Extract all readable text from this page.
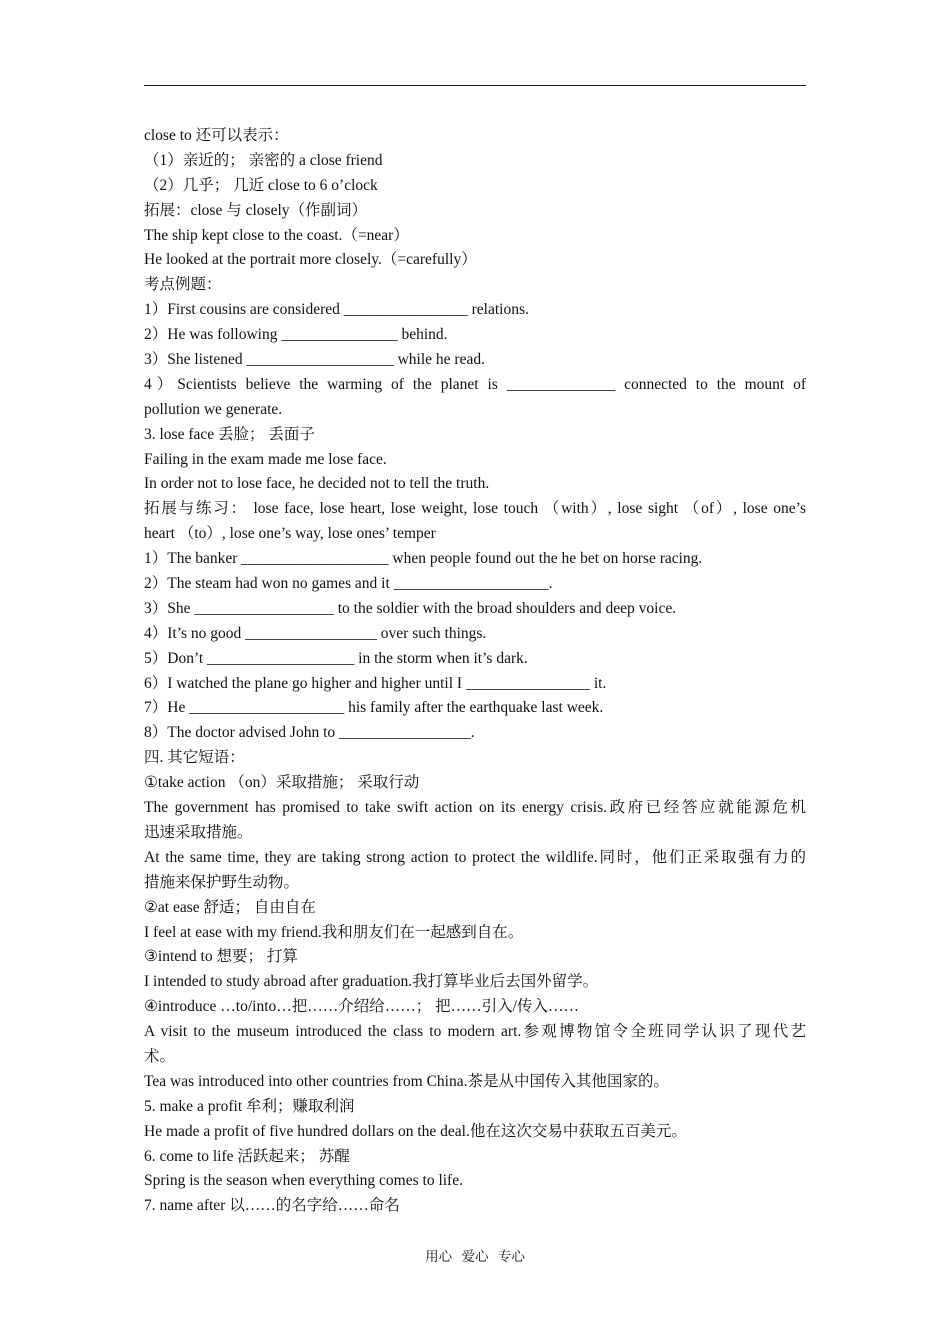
close to 还可以表示：
（1）亲近的； 亲密的 a close friend
（2）几乎； 几近 close to 6 o’clock
拓展：close 与 closely（作副词）
The ship kept close to the coast.（=near）
He looked at the portrait more closely.（=carefully）
考点例题：
1）First cousins are considered ________________ relations.
2）He was following _______________ behind.
3）She listened ___________________ while he read.
4）Scientists believe the warming of the planet is ______________ connected to the mount of
pollution we generate.
3. lose face 丢脸； 丢面子
Failing in the exam made me lose face.
In order not to lose face, he decided not to tell the truth.
拓展与练习： lose face, lose heart, lose weight, lose touch （with）, lose sight （of）, lose one’s
heart （to）, lose one’s way, lose ones’ temper
1）The banker ___________________ when people found out the he bet on horse racing.
2）The steam had won no games and it ____________________.
3）She __________________ to the soldier with the broad shoulders and deep voice.
4）It’s no good _________________ over such things.
5）Don’t ___________________ in the storm when it’s dark.
6）I watched the plane go higher and higher until I ________________ it.
7）He ____________________ his family after the earthquake last week.
8）The doctor advised John to _________________.
四. 其它短语：
①take action （on）采取措施； 采取行动
The government has promised to take swift action on its energy crisis.政府已经答应就能源危机
迅速采取措施。
At the same time, they are taking strong action to protect the wildlife.同时，他们正采取强有力的
措施来保护野生动物。
②at ease 舒适； 自由自在
I feel at ease with my friend.我和朋友们在一起感到自在。
③intend to 想要； 打算
I intended to study abroad after graduation.我打算毕业后去国外留学。
④introduce …to/into…把……介绍给……； 把……引入/传入……
A visit to the museum introduced the class to modern art.参观博物馆令全班同学认识了现代艺
术。
Tea was introduced into other countries from China.茶是从中国传入其他国家的。
5. make a profit 牟利；赚取利润
He made a profit of five hundred dollars on the deal.他在这次交易中获取五百美元。
6. come to life 活跃起来； 苏醒
Spring is the season when everything comes to life.
7. name after 以……的名字给……命名
用心 爱心 专心
